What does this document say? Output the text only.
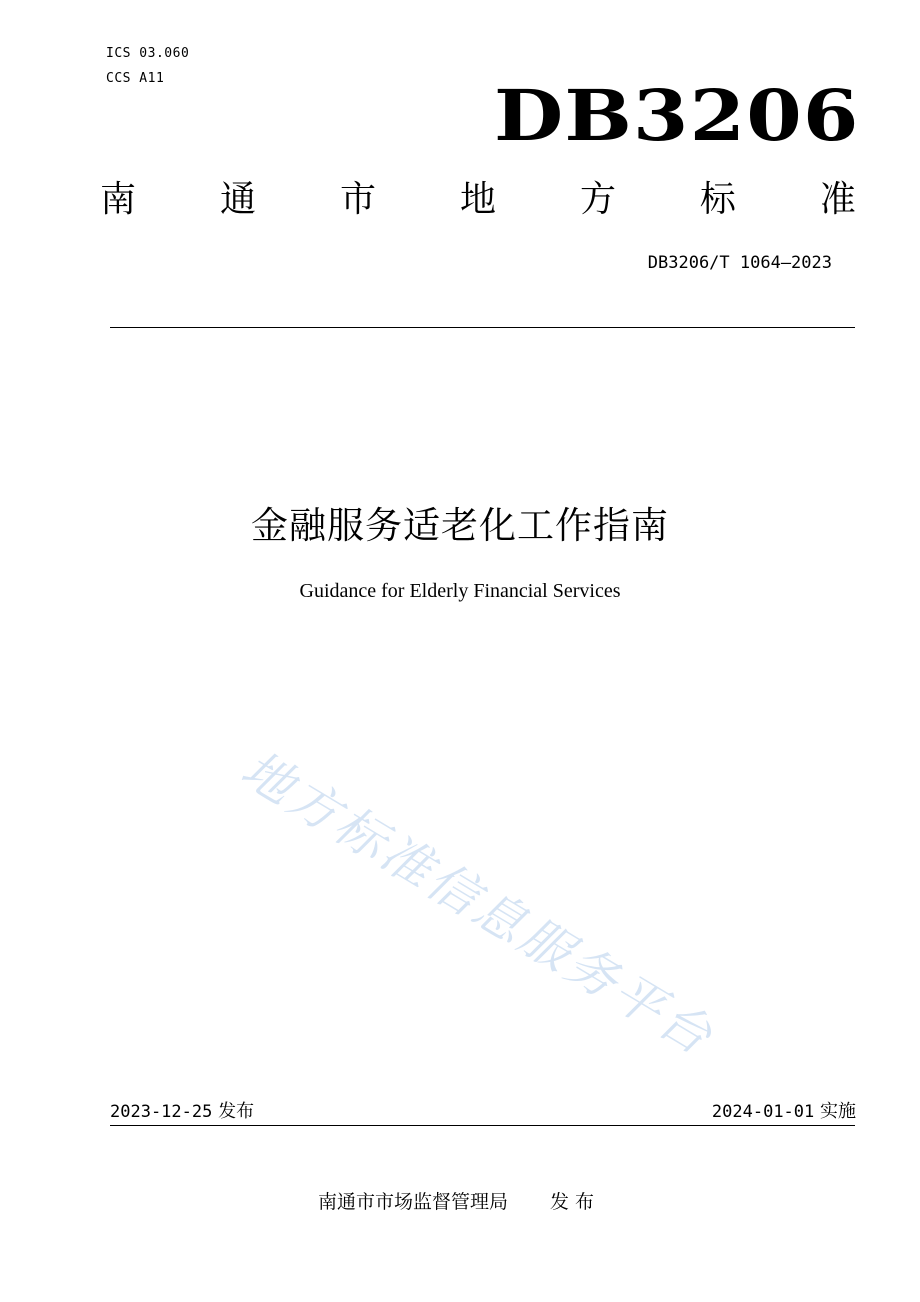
ICS 03.060
CCS A11	DB3206
南 通 市 地 方 标 准
DB3206/T 1064—2023
金融服务适老化工作指南
Guidance for Elderly Financial Services
地方标准信息服务平台
2023-12-25 发布	2024-01-01 实施
南通市市场监督管理局 发 布
